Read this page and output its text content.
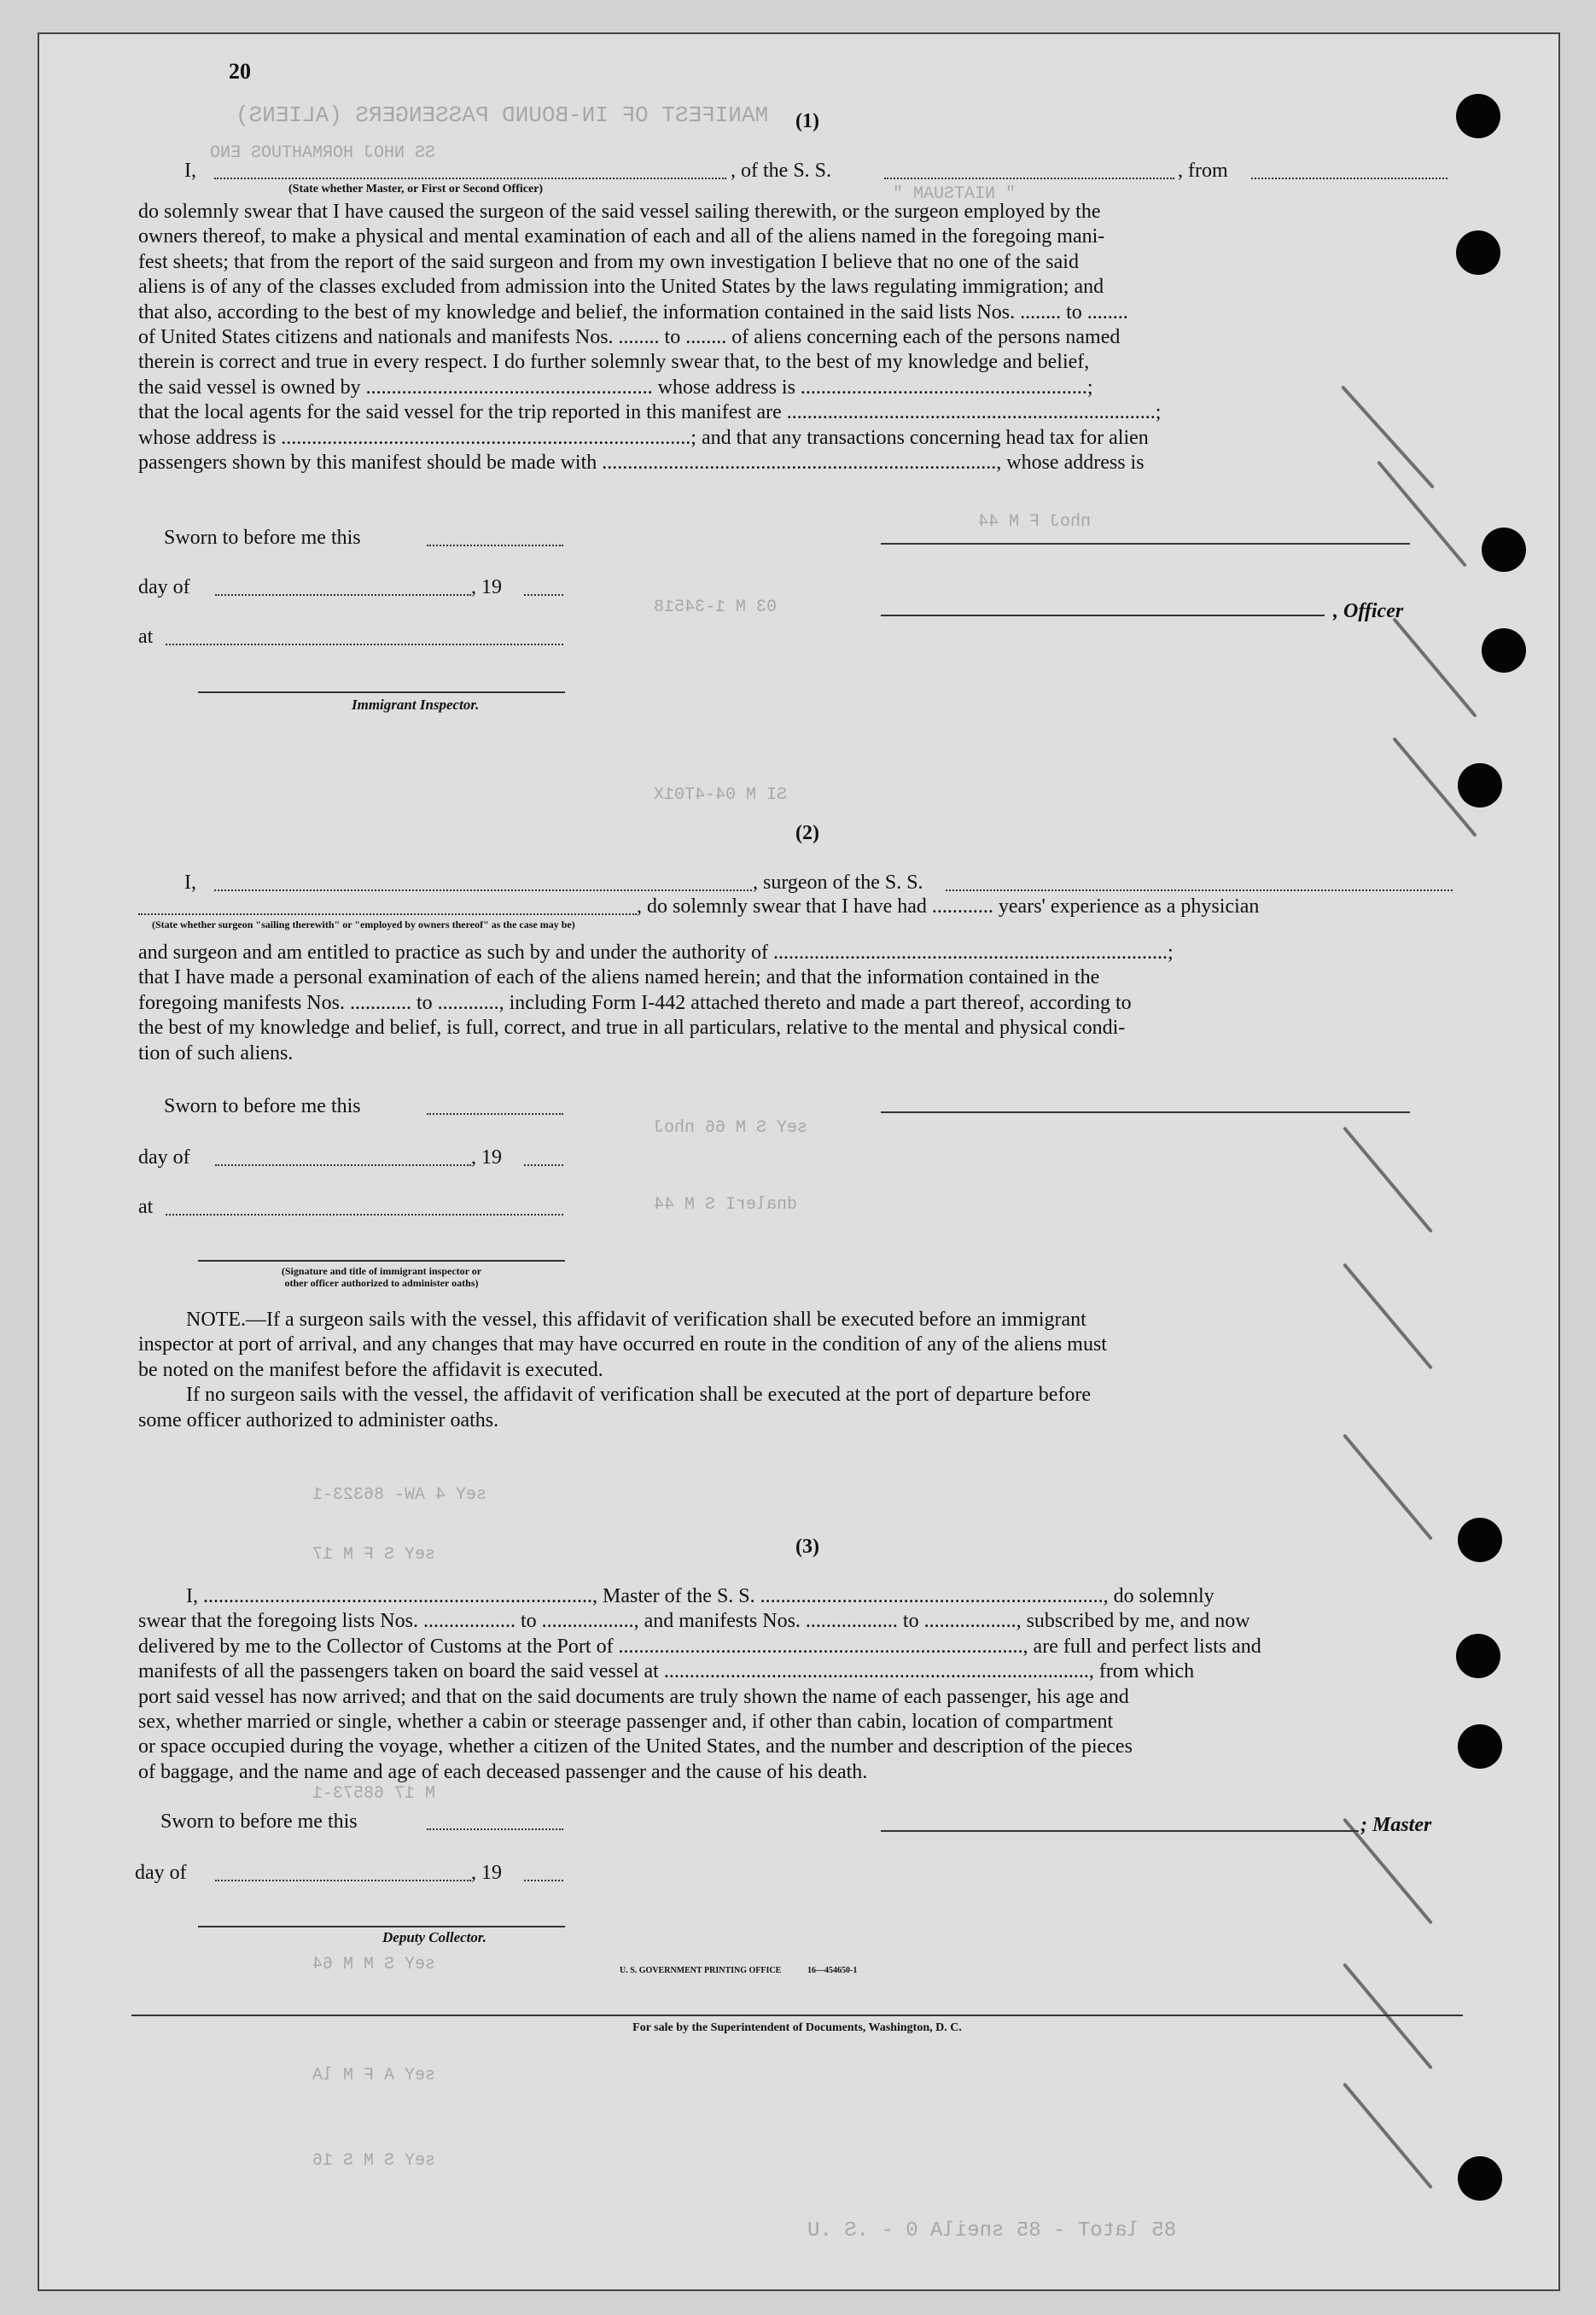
MANIFEST OF IN-BOUND PASSENGERS (ALIENS)
SS NHOJ HORMAHTUOS ENO
" NIATSUAM "
nhoJ F M 44
03 M 1-34518
SI M 04-4T01X
seY S M 66 nhoJ
dnalerI S M 44
seY 4 AW- 86323-1
seY S F M 17
M 17 68573-1
seY S M M 64
seY A F M lA
seY S M S 16
85 latoT - 85 sneilA 0 - .S .U
20
(1)
I,	, of the S. S.	, from
(State whether Master, or First or Second Officer)
do solemnly swear that I have caused the surgeon of the said vessel sailing therewith, or the surgeon employed by the
owners thereof, to make a physical and mental examination of each and all of the aliens named in the foregoing mani-
fest sheets; that from the report of the said surgeon and from my own investigation I believe that no one of the said
aliens is of any of the classes excluded from admission into the United States by the laws regulating immigration; and
that also, according to the best of my knowledge and belief, the information contained in the said lists Nos. ........ to ........
of United States citizens and nationals and manifests Nos. ........ to ........ of aliens concerning each of the persons named
therein is correct and true in every respect. I do further solemnly swear that, to the best of my knowledge and belief,
the said vessel is owned by ........................................................ whose address is ........................................................;
that the local agents for the said vessel for the trip reported in this manifest are ........................................................................;
whose address is ................................................................................; and that any transactions concerning head tax for alien
passengers shown by this manifest should be made with ............................................................................., whose address is
Sworn to before me this
day of	, 19
, Officer
at
Immigrant Inspector.
(2)
I,	, surgeon of the S. S.
, do solemnly swear that I have had ............ years' experience as a physician
(State whether surgeon "sailing therewith" or "employed by owners thereof" as the case may be)
and surgeon and am entitled to practice as such by and under the authority of .............................................................................;
that I have made a personal examination of each of the aliens named herein; and that the information contained in the
foregoing manifests Nos. ............ to ............, including Form I-442 attached thereto and made a part thereof, according to
the best of my knowledge and belief, is full, correct, and true in all particulars, relative to the mental and physical condi-
tion of such aliens.
Sworn to before me this
day of	, 19
at
(Signature and title of immigrant inspector or
other officer authorized to administer oaths)
NOTE.—If a surgeon sails with the vessel, this affidavit of verification shall be executed before an immigrant
inspector at port of arrival, and any changes that may have occurred en route in the condition of any of the aliens must
be noted on the manifest before the affidavit is executed.
If no surgeon sails with the vessel, the affidavit of verification shall be executed at the port of departure before
some officer authorized to administer oaths.
(3)
I, ............................................................................, Master of the S. S. ..................................................................., do solemnly
swear that the foregoing lists Nos. .................. to .................., and manifests Nos. .................. to .................., subscribed by me, and now
delivered by me to the Collector of Customs at the Port of ..............................................................................., are full and perfect lists and
manifests of all the passengers taken on board the said vessel at ..................................................................................., from which
port said vessel has now arrived; and that on the said documents are truly shown the name of each passenger, his age and
sex, whether married or single, whether a cabin or steerage passenger and, if other than cabin, location of compartment
or space occupied during the voyage, whether a citizen of the United States, and the number and description of the pieces
of baggage, and the name and age of each deceased passenger and the cause of his death.
Sworn to before me this	; Master
day of	, 19
Deputy Collector.
U. S. GOVERNMENT PRINTING OFFICE	16—454650-1
For sale by the Superintendent of Documents, Washington, D. C.
